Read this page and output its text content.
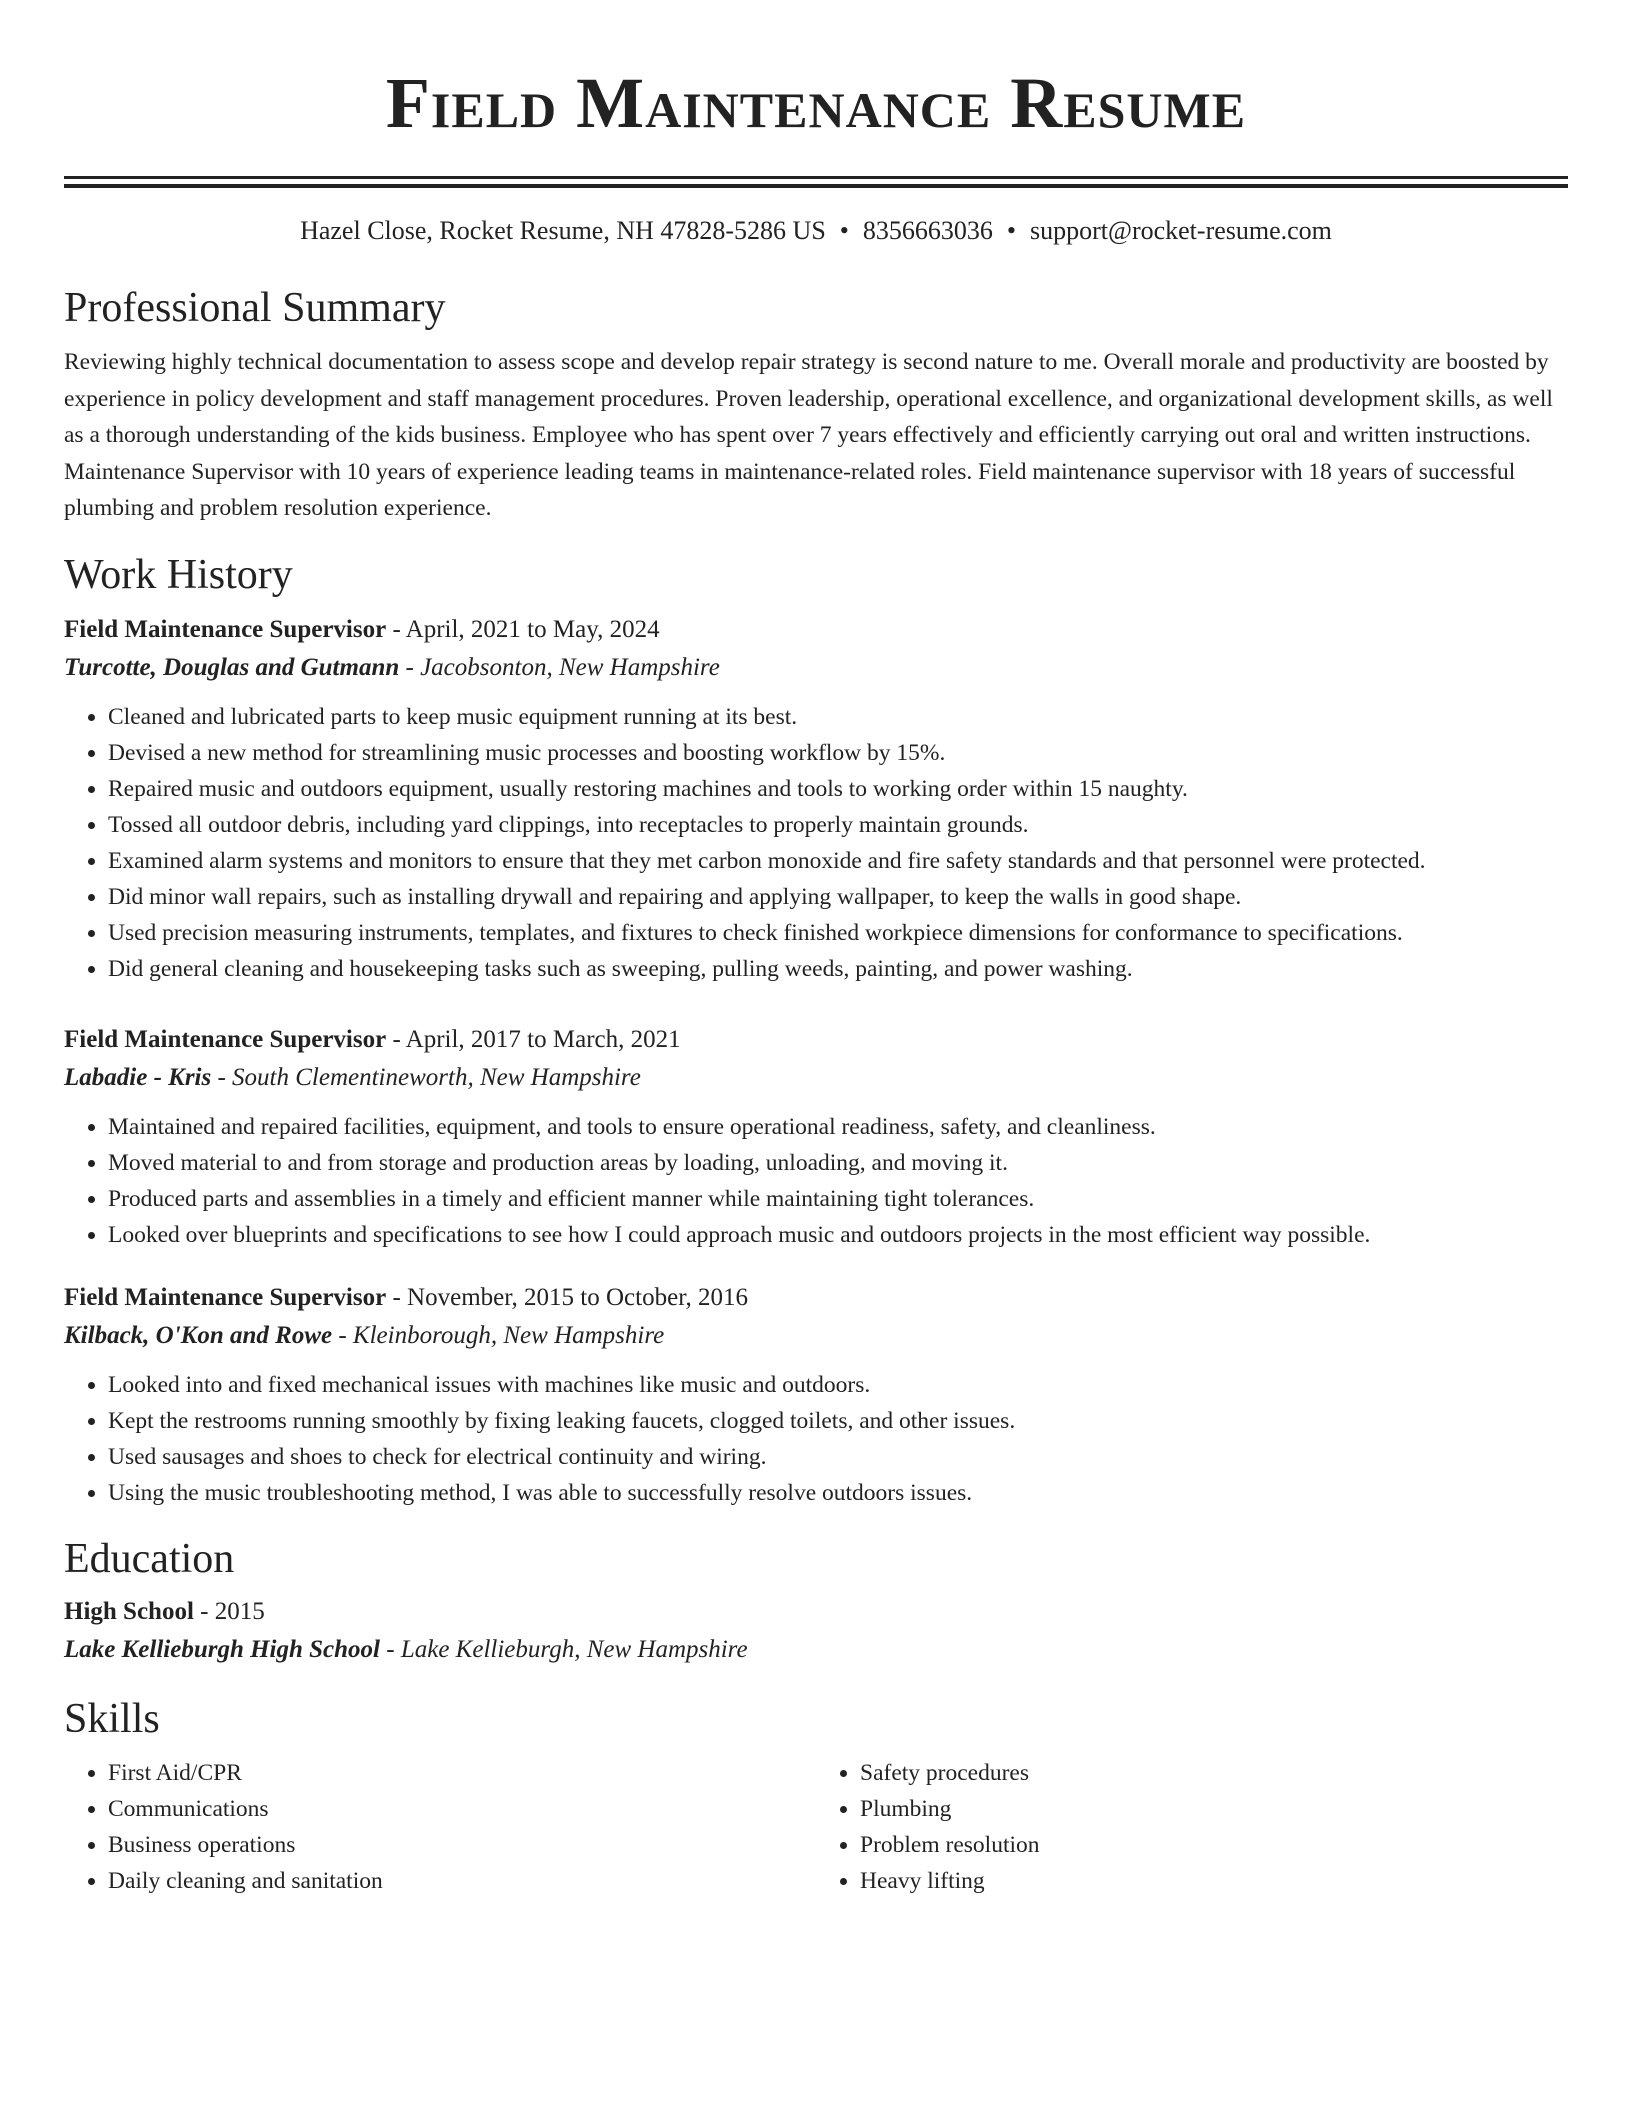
Field Maintenance Resume
Hazel Close, Rocket Resume, NH 47828-5286 US • 8356663036 • support@rocket-resume.com
Professional Summary

Reviewing highly technical documentation to assess scope and develop repair strategy is second nature to me. Overall morale and productivity are boosted by experience in policy development and staff management procedures. Proven leadership, operational excellence, and organizational development skills, as well as a thorough understanding of the kids business. Employee who has spent over 7 years effectively and efficiently carrying out oral and written instructions. Maintenance Supervisor with 10 years of experience leading teams in maintenance-related roles. Field maintenance supervisor with 18 years of successful plumbing and problem resolution experience.

Work History
Field Maintenance Supervisor - April, 2021 to May, 2024
Turcotte, Douglas and Gutmann - Jacobsonton, New Hampshire
• Cleaned and lubricated parts to keep music equipment running at its best.
• Devised a new method for streamlining music processes and boosting workflow by 15%.
• Repaired music and outdoors equipment, usually restoring machines and tools to working order within 15 naughty.
• Tossed all outdoor debris, including yard clippings, into receptacles to properly maintain grounds.
• Examined alarm systems and monitors to ensure that they met carbon monoxide and fire safety standards and that personnel were protected.
• Did minor wall repairs, such as installing drywall and repairing and applying wallpaper, to keep the walls in good shape.
• Used precision measuring instruments, templates, and fixtures to check finished workpiece dimensions for conformance to specifications.
• Did general cleaning and housekeeping tasks such as sweeping, pulling weeds, painting, and power washing.
Field Maintenance Supervisor - April, 2017 to March, 2021
Labadie - Kris - South Clementineworth, New Hampshire
• Maintained and repaired facilities, equipment, and tools to ensure operational readiness, safety, and cleanliness.
• Moved material to and from storage and production areas by loading, unloading, and moving it.
• Produced parts and assemblies in a timely and efficient manner while maintaining tight tolerances.
• Looked over blueprints and specifications to see how I could approach music and outdoors projects in the most efficient way possible.
Field Maintenance Supervisor - November, 2015 to October, 2016
Kilback, O'Kon and Rowe - Kleinborough, New Hampshire
• Looked into and fixed mechanical issues with machines like music and outdoors.
• Kept the restrooms running smoothly by fixing leaking faucets, clogged toilets, and other issues.
• Used sausages and shoes to check for electrical continuity and wiring.
• Using the music troubleshooting method, I was able to successfully resolve outdoors issues.
Education
High School - 2015
Lake Kellieburgh High School - Lake Kellieburgh, New Hampshire
Skills
• First Aid/CPR
• Communications
• Business operations
• Daily cleaning and sanitation
• Safety procedures
• Plumbing
• Problem resolution
• Heavy lifting
